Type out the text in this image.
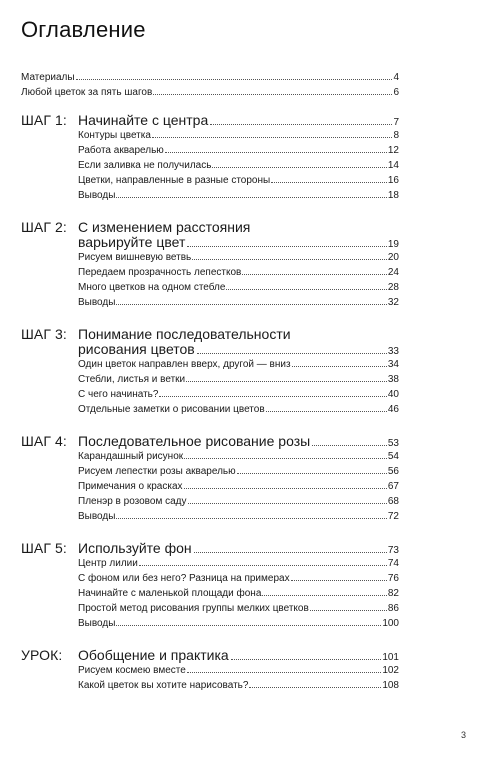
Оглавление
Материалы	4
Любой цветок за пять шагов	6
ШАГ 1: Начинайте с центра	7
Контуры цветка	8
Работа акварелью	12
Если заливка не получилась	14
Цветки, направленные в разные стороны	16
Выводы	18
ШАГ 2: С изменением расстояния
варьируйте цвет	19
Рисуем вишневую ветвь	20
Передаем прозрачность лепестков	24
Много цветков на одном стебле	28
Выводы	32
ШАГ 3: Понимание последовательности
рисования цветов	33
Один цветок направлен вверх, другой — вниз	34
Стебли, листья и ветки	38
С чего начинать?	40
Отдельные заметки о рисовании цветов	46
ШАГ 4: Последовательное рисование розы	53
Карандашный рисунок	54
Рисуем лепестки розы акварелью	56
Примечания о красках	67
Пленэр в розовом саду	68
Выводы	72
ШАГ 5: Используйте фон	73
Центр лилии	74
С фоном или без него? Разница на примерах	76
Начинайте с маленькой площади фона	82
Простой метод рисования группы мелких цветков	86
Выводы	100
УРОК:	Обобщение и практика	101
Рисуем космею вместе	102
Какой цветок вы хотите нарисовать?	108
3
